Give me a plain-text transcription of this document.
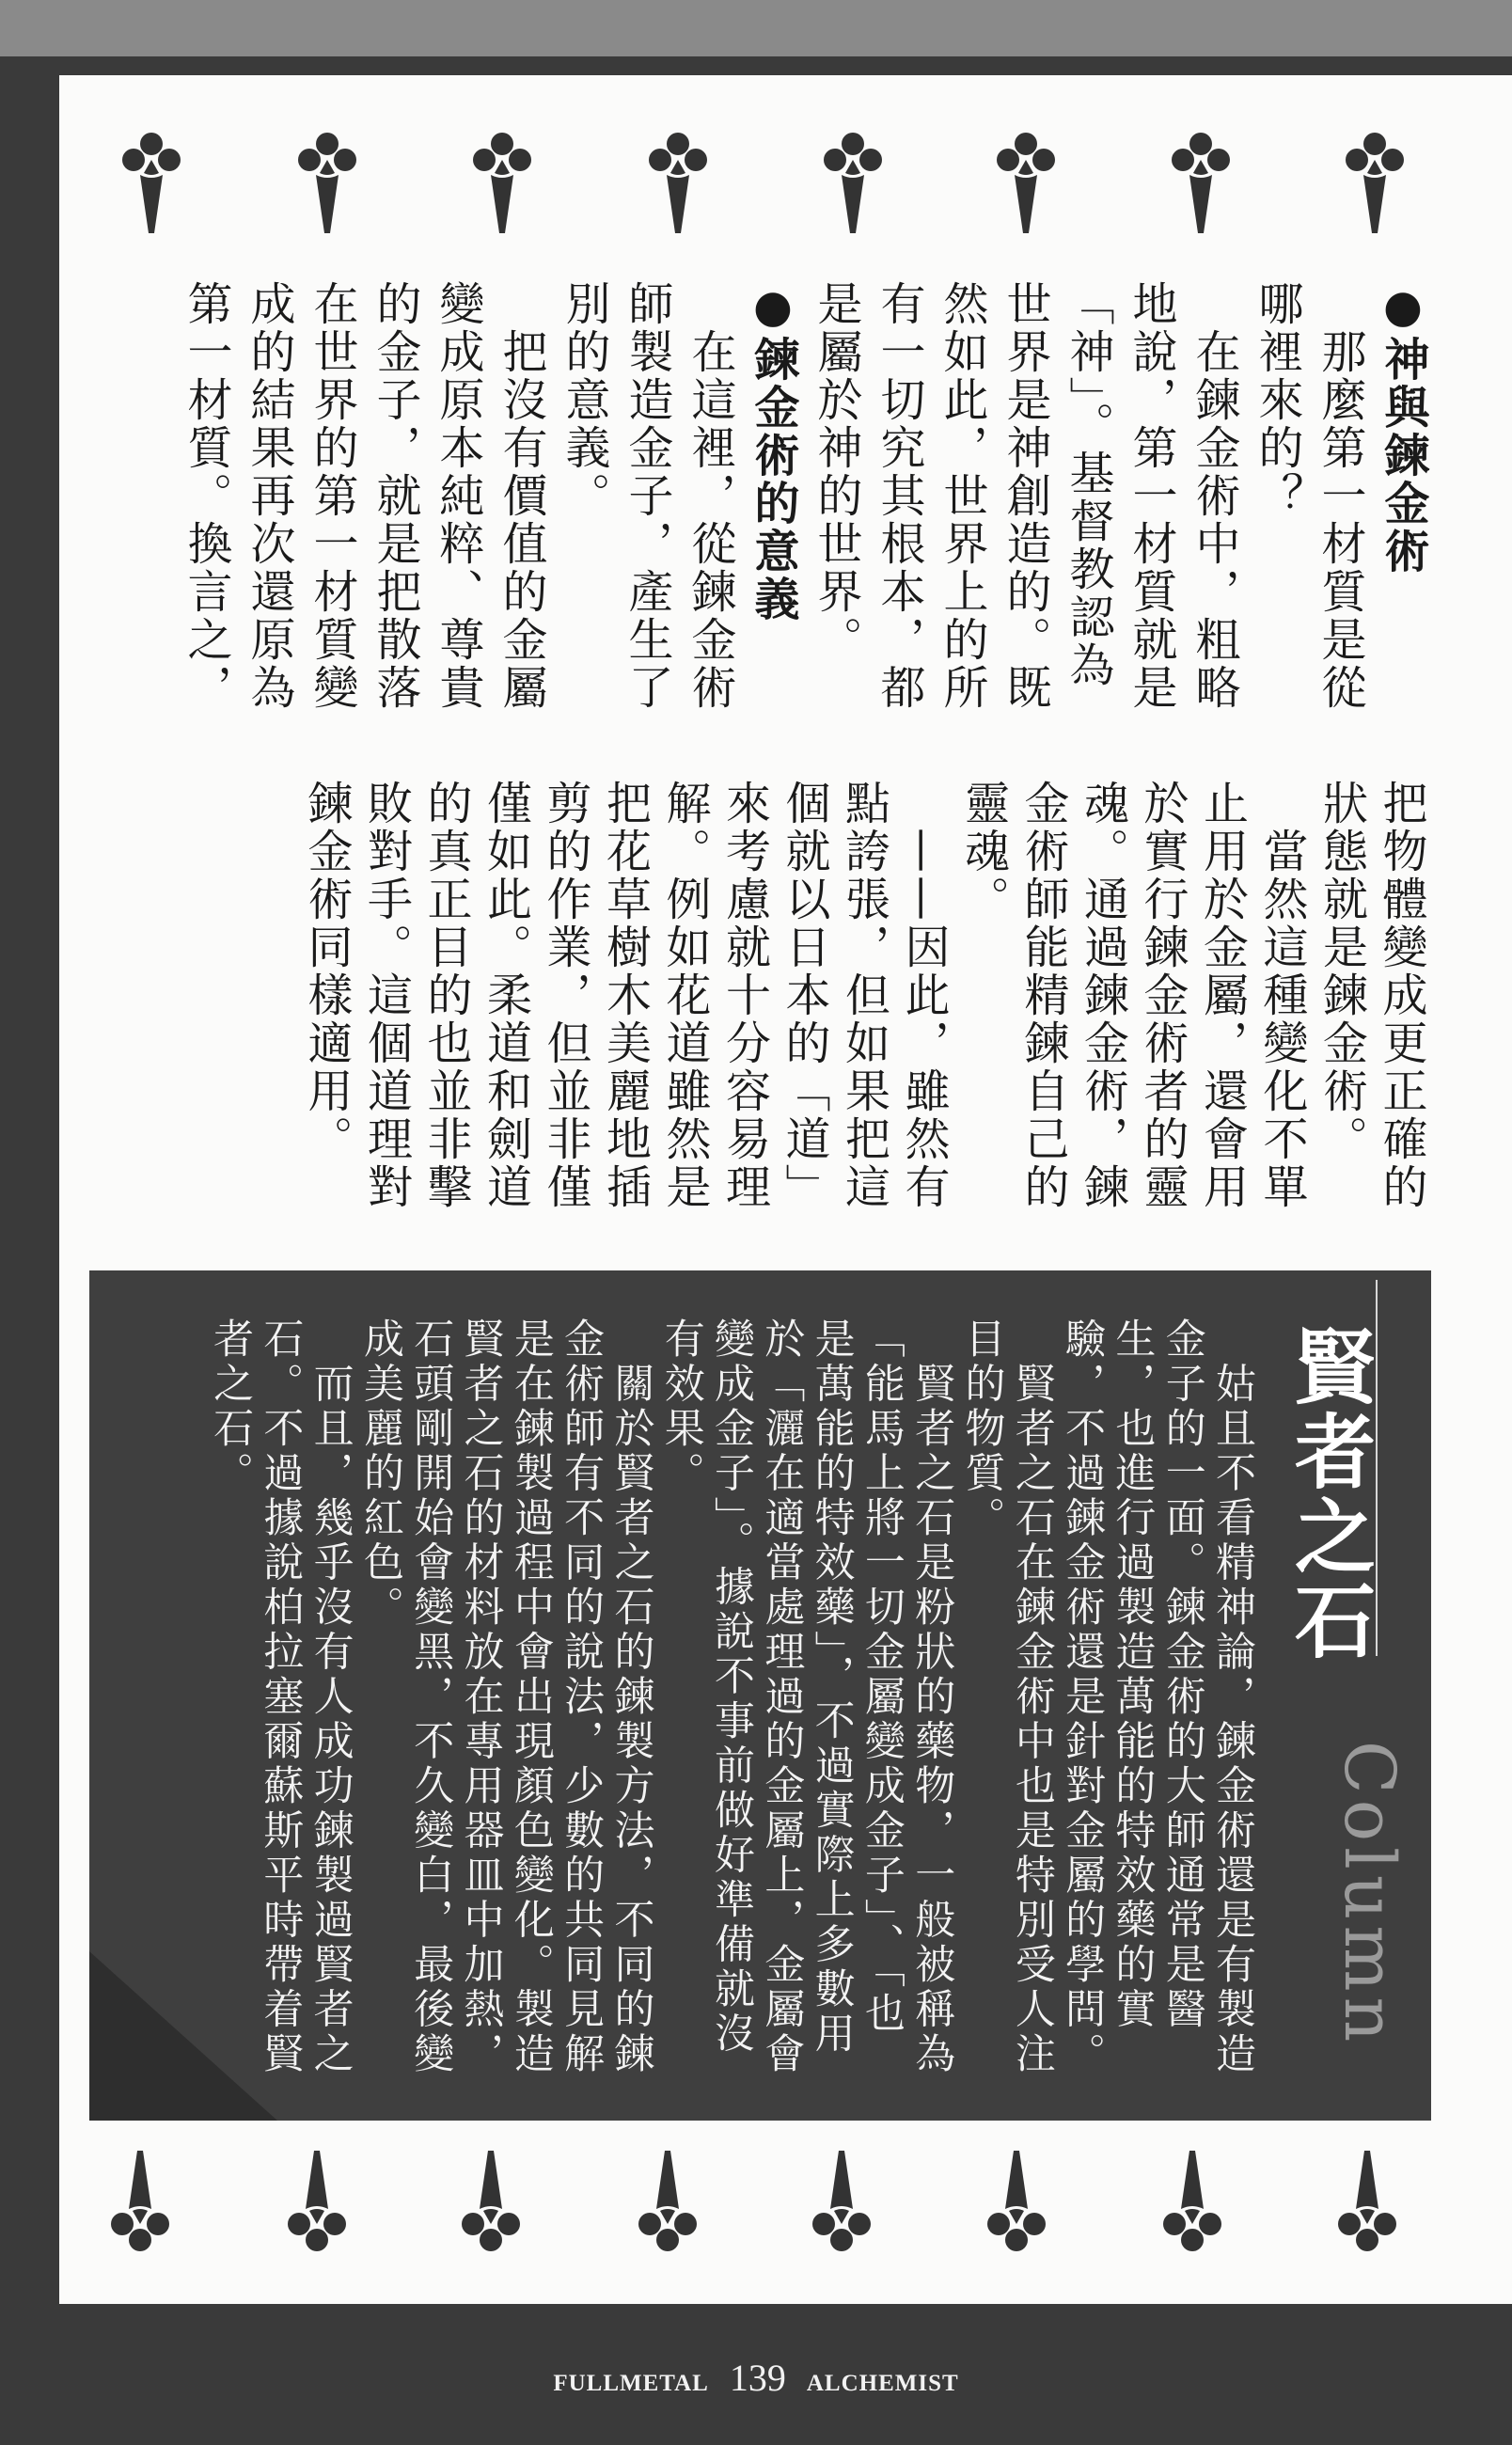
●神與鍊金術
　那麼第一材質是從
哪裡來的？
　在鍊金術中，粗略
地說，第一材質就是
「神」。基督教認為
世界是神創造的。既
然如此，世界上的所
有一切究其根本，都
是屬於神的世界。
●鍊金術的意義
　在這裡，從鍊金術
師製造金子，產生了
別的意義。
　把沒有價值的金屬
變成原本純粹、尊貴
的金子，就是把散落
在世界的第一材質變
成的結果再次還原為
第一材質。換言之，
把物體變成更正確的
狀態就是鍊金術。
　當然這種變化不單
止用於金屬，還會用
於實行鍊金術者的靈
魂。通過鍊金術，鍊
金術師能精鍊自己的
靈魂。
　——因此，雖然有
點誇張，但如果把這
個就以日本的「道」
來考慮就十分容易理
解。例如花道雖然是
把花草樹木美麗地插
剪的作業，但並非僅
僅如此。柔道和劍道
的真正目的也並非擊
敗對手。這個道理對
鍊金術同樣適用。
賢者之石
Column
　姑且不看精神論，鍊金術還是有製造
金子的一面。鍊金術的大師通常是醫
生，也進行過製造萬能的特效藥的實
驗，不過鍊金術還是針對金屬的學問。
　賢者之石在鍊金術中也是特別受人注
目的物質。
　賢者之石是粉狀的藥物，一般被稱為
「能馬上將一切金屬變成金子」、「也
是萬能的特效藥」，不過實際上多數用
於「灑在適當處理過的金屬上，金屬會
變成金子」。據說不事前做好準備就沒
有效果。
　關於賢者之石的鍊製方法，不同的鍊
金術師有不同的說法，少數的共同見解
是在鍊製過程中會出現顏色變化。製造
賢者之石的材料放在專用器皿中加熱，
石頭剛開始會變黑，不久變白，最後變
成美麗的紅色。
　而且，幾乎沒有人成功鍊製過賢者之
石。不過據說柏拉塞爾蘇斯平時帶着賢
者之石。
FULLMETAL 139 ALCHEMIST
